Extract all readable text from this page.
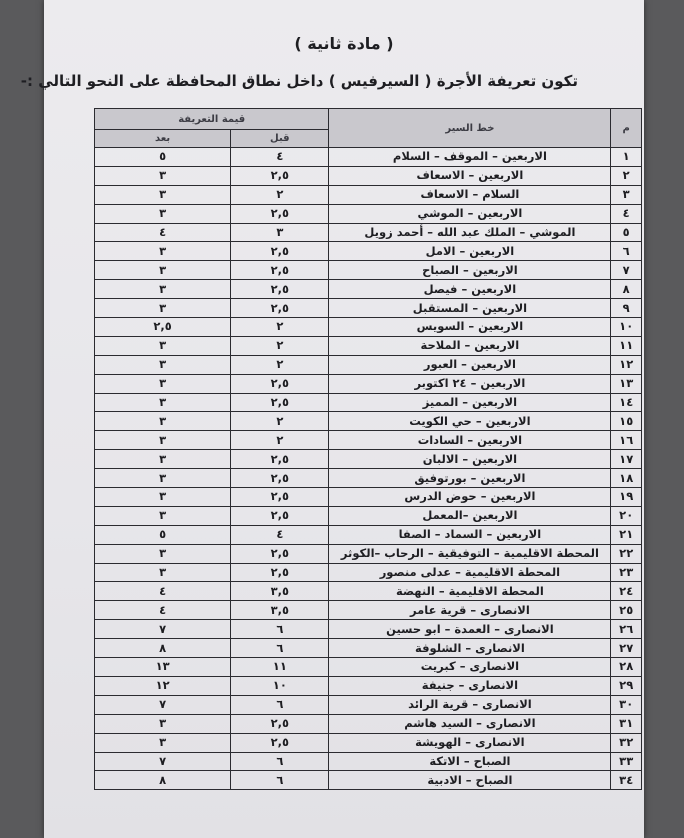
( مادة ثانية )
تكون تعريفة الأجرة ( السيرفيس ) داخل نطاق المحافظة على النحو التالي :-
م	خط السير	قيمة التعريفة	
		قبل	بعد
١	الاربعين – الموقف – السلام	٤	٥
٢	الاربعين – الاسعاف	٢,٥	٣
٣	السلام – الاسعاف	٢	٣
٤	الاربعين – الموشي	٢,٥	٣
٥	الموشي – الملك عبد الله – أحمد زويل	٣	٤
٦	الاربعين – الامل	٢,٥	٣
٧	الاربعين – الصباح	٢,٥	٣
٨	الاربعين – فيصل	٢,٥	٣
٩	الاربعين – المستقبل	٢,٥	٣
١٠	الاربعين – السويس	٢	٢,٥
١١	الاربعين – الملاحة	٢	٣
١٢	الاربعين – العبور	٢	٣
١٣	الاربعين – ٢٤ اكتوبر	٢,٥	٣
١٤	الاربعين – المميز	٢,٥	٣
١٥	الاربعين – حي الكويت	٢	٣
١٦	الاربعين – السادات	٢	٣
١٧	الاربعين – الالبان	٢,٥	٣
١٨	الاربعين – بورتوفيق	٢,٥	٣
١٩	الاربعين – حوض الدرس	٢,٥	٣
٢٠	الاربعين –المعمل	٢,٥	٣
٢١	الاربعين – السماد – الصفا	٤	٥
٢٢	المحطة الاقليمية – التوفيقية – الرحاب –الكوثر	٢,٥	٣
٢٣	المحطة الاقليمية – عدلى منصور	٢,٥	٣
٢٤	المحطة الاقليمية – النهضة	٣,٥	٤
٢٥	الانصارى – قرية عامر	٣,٥	٤
٢٦	الانصارى – العمدة – ابو حسين	٦	٧
٢٧	الانصارى – الشلوفة	٦	٨
٢٨	الانصارى – كبريت	١١	١٣
٢٩	الانصارى – جنيفة	١٠	١٢
٣٠	الانصارى – قرية الرائد	٦	٧
٣١	الانصارى – السيد هاشم	٢,٥	٣
٣٢	الانصارى – الهويشة	٢,٥	٣
٣٣	الصباح – الاتكة	٦	٧
٣٤	الصباح – الادبية	٦	٨
